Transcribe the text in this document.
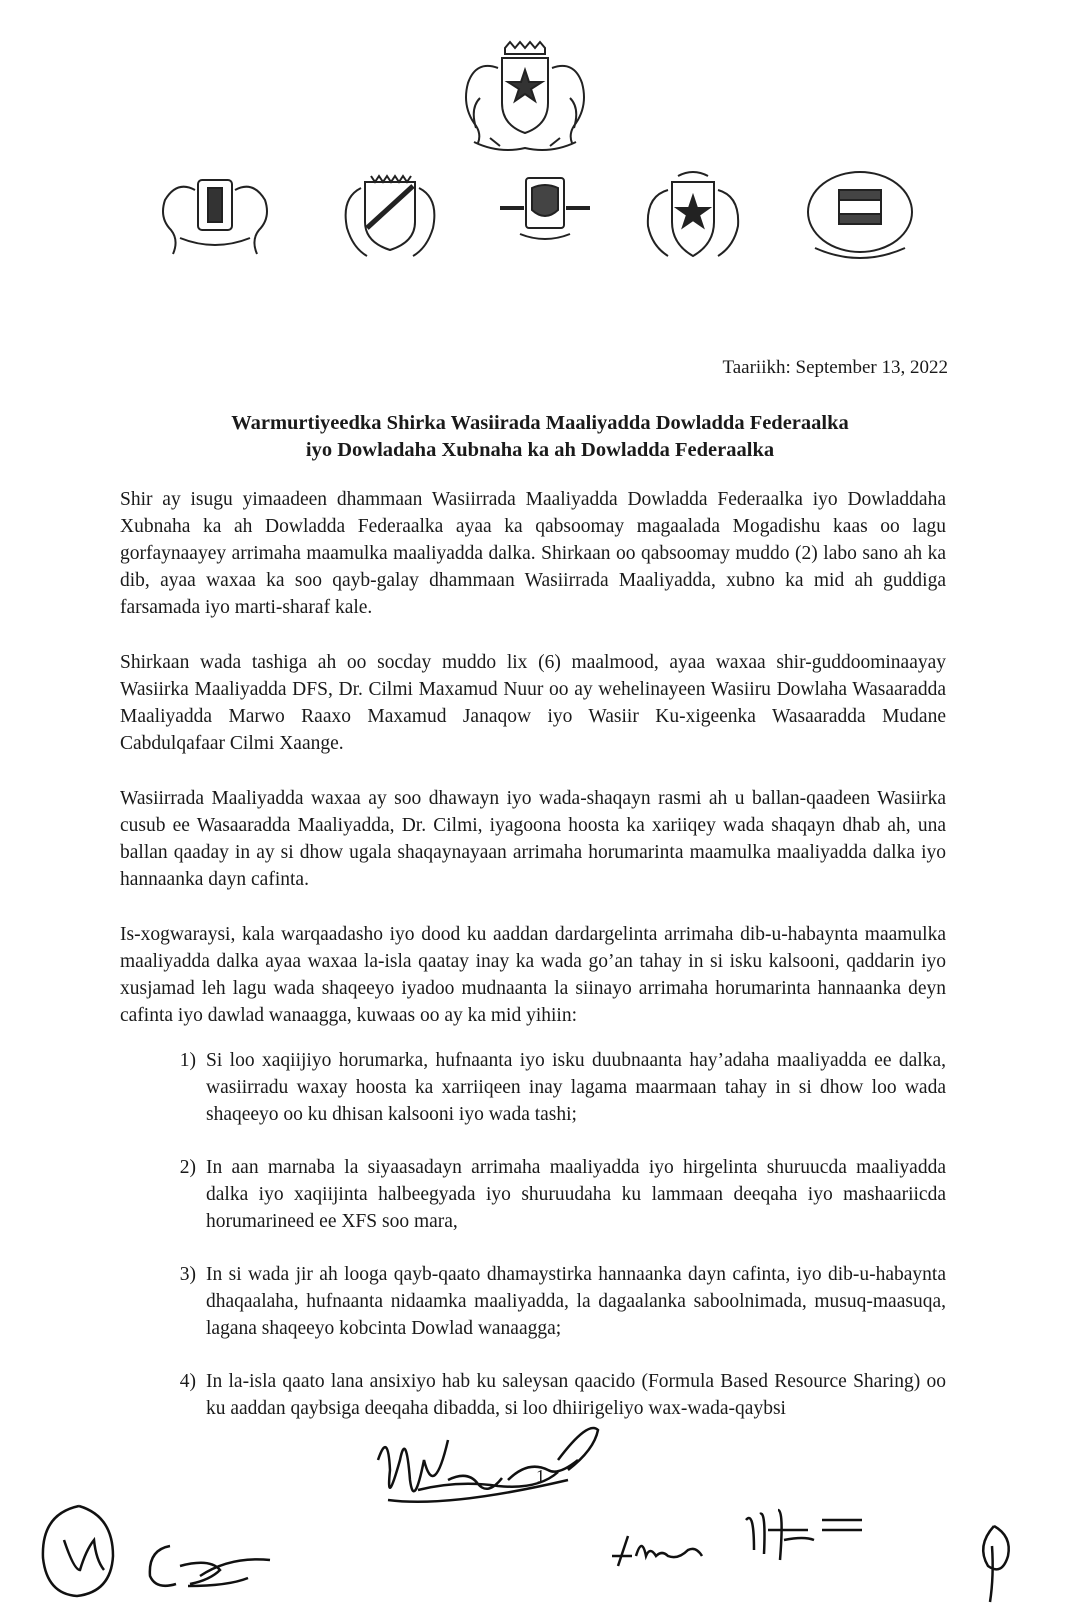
Taariikh: September 13, 2022
Warmurtiyeedka Shirka Wasiirada Maaliyadda Dowladda Federaalka
iyo Dowladaha Xubnaha ka ah Dowladda Federaalka

Shir ay isugu yimaadeen dhammaan Wasiirrada Maaliyadda Dowladda Federaalka iyo Dowladdaha Xubnaha ka ah Dowladda Federaalka ayaa ka qabsoomay magaalada Mogadishu kaas oo lagu gorfaynaayey arrimaha maamulka maaliyadda dalka. Shirkaan oo qabsoomay muddo (2) labo sano ah ka dib, ayaa waxaa ka soo qayb-galay dhammaan Wasiirrada Maaliyadda, xubno ka mid ah guddiga farsamada iyo marti-sharaf kale.

Shirkaan wada tashiga ah oo socday muddo lix (6) maalmood, ayaa waxaa shir-guddoominaayay Wasiirka Maaliyadda DFS, Dr. Cilmi Maxamud Nuur oo ay wehelinayeen Wasiiru Dowlaha Wasaaradda Maaliyadda Marwo Raaxo Maxamud Janaqow iyo Wasiir Ku-xigeenka Wasaaradda Mudane Cabdulqafaar Cilmi Xaange.

Wasiirrada Maaliyadda waxaa ay soo dhawayn iyo wada-shaqayn rasmi ah u ballan-qaadeen Wasiirka cusub ee Wasaaradda Maaliyadda, Dr. Cilmi, iyagoona hoosta ka xariiqey wada shaqayn dhab ah, una ballan qaaday in ay si dhow ugala shaqaynayaan arrimaha horumarinta maamulka maaliyadda dalka iyo hannaanka dayn cafinta.

Is-xogwaraysi, kala warqaadasho iyo dood ku aaddan dardargelinta arrimaha dib-u-habaynta maamulka maaliyadda dalka ayaa waxaa la-isla qaatay inay ka wada go’an tahay in si isku kalsooni, qaddarin iyo xusjamad leh lagu wada shaqeeyo iyadoo mudnaanta la siinayo arrimaha horumarinta hannaanka deyn cafinta iyo dawlad wanaagga, kuwaas oo ay ka mid yihiin:

1) Si loo xaqiijiyo horumarka, hufnaanta iyo isku duubnaanta hay’adaha maaliyadda ee dalka, wasiirradu waxay hoosta ka xarriiqeen inay lagama maarmaan tahay in si dhow loo wada shaqeeyo oo ku dhisan kalsooni iyo wada tashi;
2) In aan marnaba la siyaasadayn arrimaha maaliyadda iyo hirgelinta shuruucda maaliyadda dalka iyo xaqiijinta halbeegyada iyo shuruudaha ku lammaan deeqaha iyo mashaariicda horumarineed ee XFS soo mara,
3) In si wada jir ah looga qayb-qaato dhamaystirka hannaanka dayn cafinta, iyo dib-u-habaynta dhaqaalaha, hufnaanta nidaamka maaliyadda, la dagaalanka saboolnimada, musuq-maasuqa, lagana shaqeeyo kobcinta Dowlad wanaagga;
4) In la-isla qaato lana ansixiyo hab ku saleysan qaacido (Formula Based Resource Sharing) oo ku aaddan qaybsiga deeqaha dibadda, si loo dhiirigeliyo wax-wada-qaybsi
1
